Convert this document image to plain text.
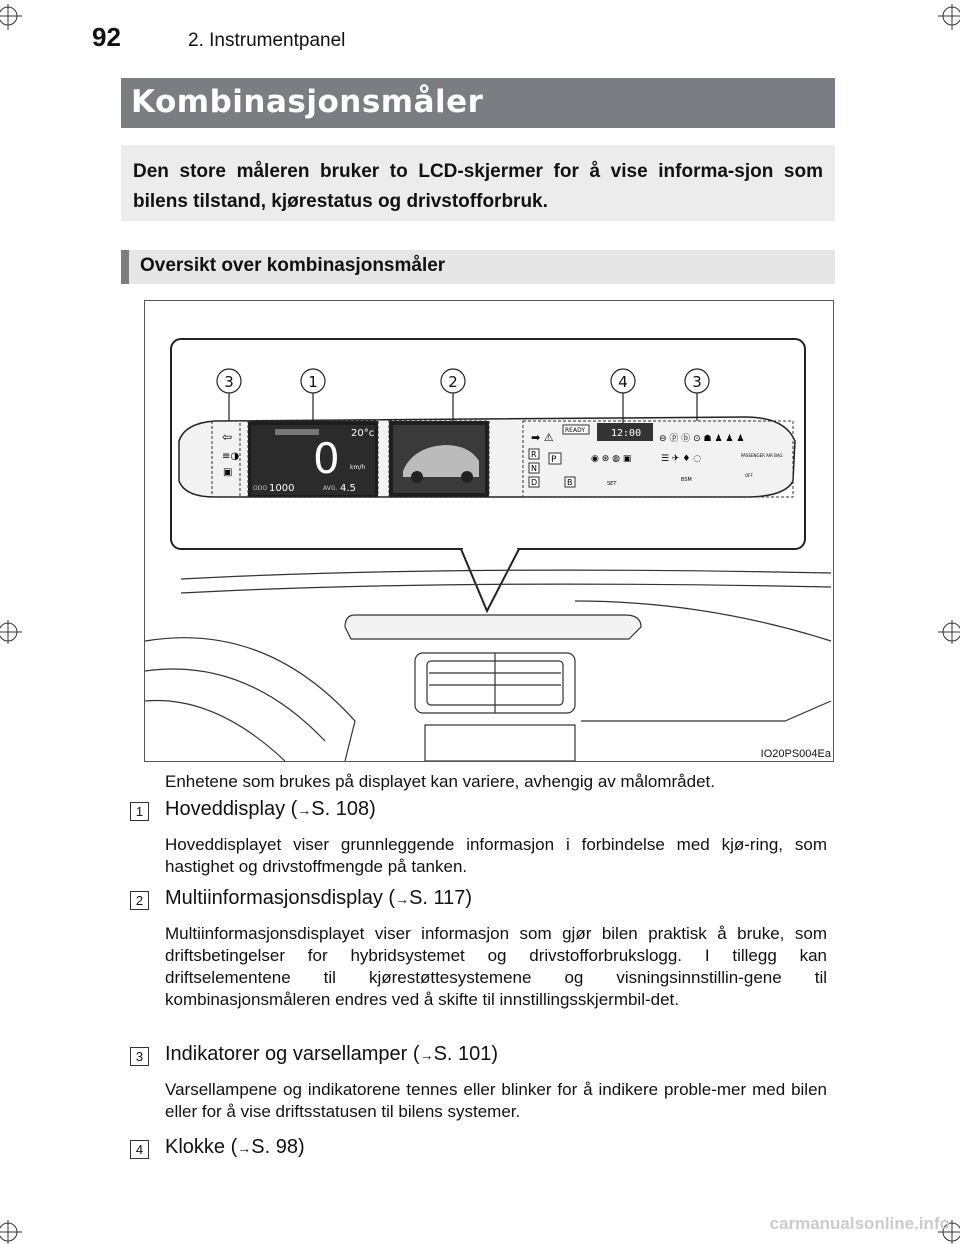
92	2. Instrumentpanel
Kombinasjonsmåler

Den store måleren bruker to LCD-skjermer for å vise informa-sjon som bilens tilstand, kjørestatus og drivstofforbruk.

Oversikt over kombinasjonsmåler
⇦
≡◑
▣ 0
20°c
km/h
ODO 1000	AVG. 4.5
➡ ⚠
READY	12:00
R
N
D
P
B
◉ ⊛ ◍ ▣
SET
⊖ ⓟ ⓑ ⊙ ☗ ♟ ♟ ♟
☰ ✈ ♦ ◌	PASSENGER AIR BAG
BSM
OFF
3	1	2	4	3
IO20PS004Ea
Enhetene som brukes på displayet kan variere, avhengig av målområdet.
1 Hoveddisplay (→S. 108)

Hoveddisplayet viser grunnleggende informasjon i forbindelse med kjø-ring, som hastighet og drivstoffmengde på tanken.

2 Multiinformasjonsdisplay (→S. 117)

Multiinformasjonsdisplayet viser informasjon som gjør bilen praktisk å bruke, som driftsbetingelser for hybridsystemet og drivstofforbrukslogg. I tillegg kan driftselementene til kjørestøttesystemene og visningsinnstillin-gene til kombinasjonsmåleren endres ved å skifte til innstillingsskjermbil-det.

3 Indikatorer og varsellamper (→S. 101)

Varsellampene og indikatorene tennes eller blinker for å indikere proble-mer med bilen eller for å vise driftsstatusen til bilens systemer.

4 Klokke (→S. 98)
carmanualsonline.info
